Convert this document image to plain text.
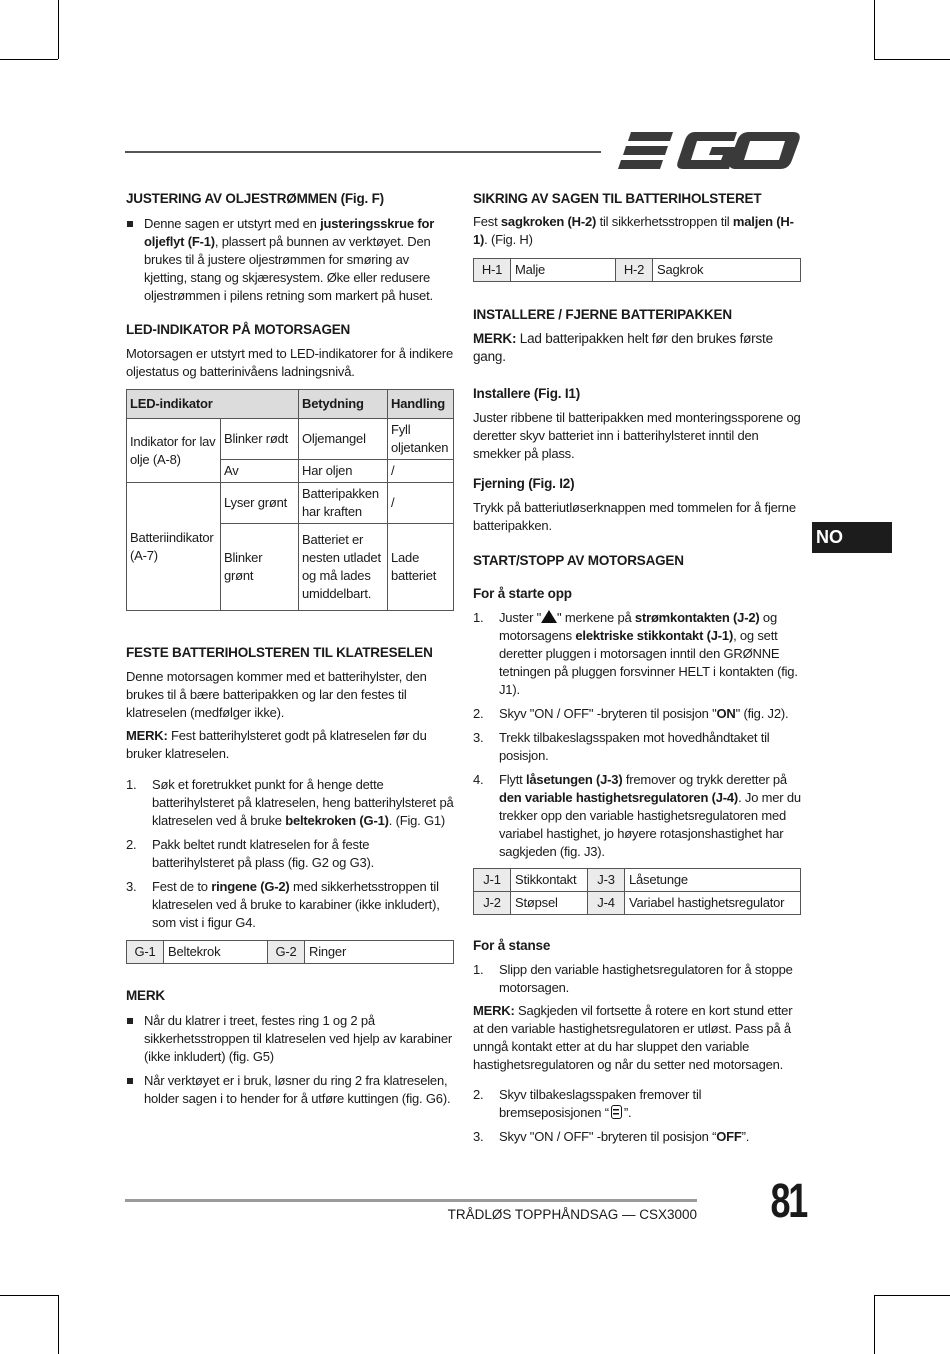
JUSTERING AV OLJESTRØMMEN (Fig. F)
Denne sagen er utstyrt med en justeringsskrue for oljeflyt (F-1), plassert på bunnen av verktøyet. Den brukes til å justere oljestrømmen for smøring av kjetting, stang og skjæresystem. Øke eller redusere oljestrømmen i pilens retning som markert på huset.
LED-INDIKATOR PÅ MOTORSAGEN

Motorsagen er utstyrt med to LED-indikatorer for å indikere oljestatus og batterinivåens ladningsnivå.

LED-indikator		Betydning	Handling
Indikator for lav olje (A-8)	Blinker rødt	Oljemangel	Fyll oljetanken
	Av	Har oljen	/
Batteriindikator (A-7)	Lyser grønt	Batteripakken har kraften	/
	Blinker grønt	Batteriet er nesten utladet og må lades umiddelbart.	Lade batteriet
FESTE BATTERIHOLSTEREN TIL KLATRESELEN

Denne motorsagen kommer med et batterihylster, den brukes til å bære batteripakken og lar den festes til klatreselen (medfølger ikke).

MERK: Fest batterihylsteret godt på klatreselen før du bruker klatreselen.

1. Søk et foretrukket punkt for å henge dette batterihylsteret på klatreselen, heng batterihylsteret på klatreselen ved å bruke beltekroken (G-1). (Fig. G1)
2. Pakk beltet rundt klatreselen for å feste batterihylsteret på plass (fig. G2 og G3).
3. Fest de to ringene (G-2) med sikkerhetsstroppen til klatreselen ved å bruke to karabiner (ikke inkludert), som vist i figur G4.
G-1	Beltekrok	G-2	Ringer
MERK
Når du klatrer i treet, festes ring 1 og 2 på sikkerhetsstroppen til klatreselen ved hjelp av karabiner (ikke inkludert) (fig. G5)
Når verktøyet er i bruk, løsner du ring 2 fra klatreselen, holder sagen i to hender for å utføre kuttingen (fig. G6).
SIKRING AV SAGEN TIL BATTERIHOLSTERET

Fest sagkroken (H-2) til sikkerhetsstroppen til maljen (H-1). (Fig. H)

H-1	Malje	H-2	Sagkrok
INSTALLERE / FJERNE BATTERIPAKKEN

MERK: Lad batteripakken helt før den brukes første gang.

Installere (Fig. I1)

Juster ribbene til batteripakken med monteringssporene og deretter skyv batteriet inn i batterihylsteret inntil den smekker på plass.

Fjerning (Fig. I2)

Trykk på batteriutløserknappen med tommelen for å fjerne batteripakken.

START/STOPP AV MOTORSAGEN
For å starte opp
1. Juster " " merkene på strømkontakten (J-2) og motorsagens elektriske stikkontakt (J-1), og sett deretter pluggen i motorsagen inntil den GRØNNE tetningen på pluggen forsvinner HELT i kontakten (fig. J1).
2. Skyv "ON / OFF" -bryteren til posisjon "ON" (fig. J2).
3. Trekk tilbakeslagsspaken mot hovedhåndtaket til posisjon.
4. Flytt låsetungen (J-3) fremover og trykk deretter på den variable hastighetsregulatoren (J-4). Jo mer du trekker opp den variable hastighetsregulatoren med variabel hastighet, jo høyere rotasjonshastighet har sagkjeden (fig. J3).
J-1	Stikkontakt	J-3	Låsetunge
J-2	Støpsel	J-4	Variabel hastighetsregulator
For å stanse
1. Slipp den variable hastighetsregulatoren for å stoppe motorsagen.

MERK: Sagkjeden vil fortsette å rotere en kort stund etter at den variable hastighetsregulatoren er utløst. Pass på å unngå kontakt etter at du har sluppet den variable hastighetsregulatoren og når du setter ned motorsagen.

2. Skyv tilbakeslagsspaken fremover til bremseposisjonen “ ”.
3. Skyv "ON / OFF" -bryteren til posisjon “OFF”.
NO
TRÅDLØS TOPPHÅNDSAG — CSX3000 81
